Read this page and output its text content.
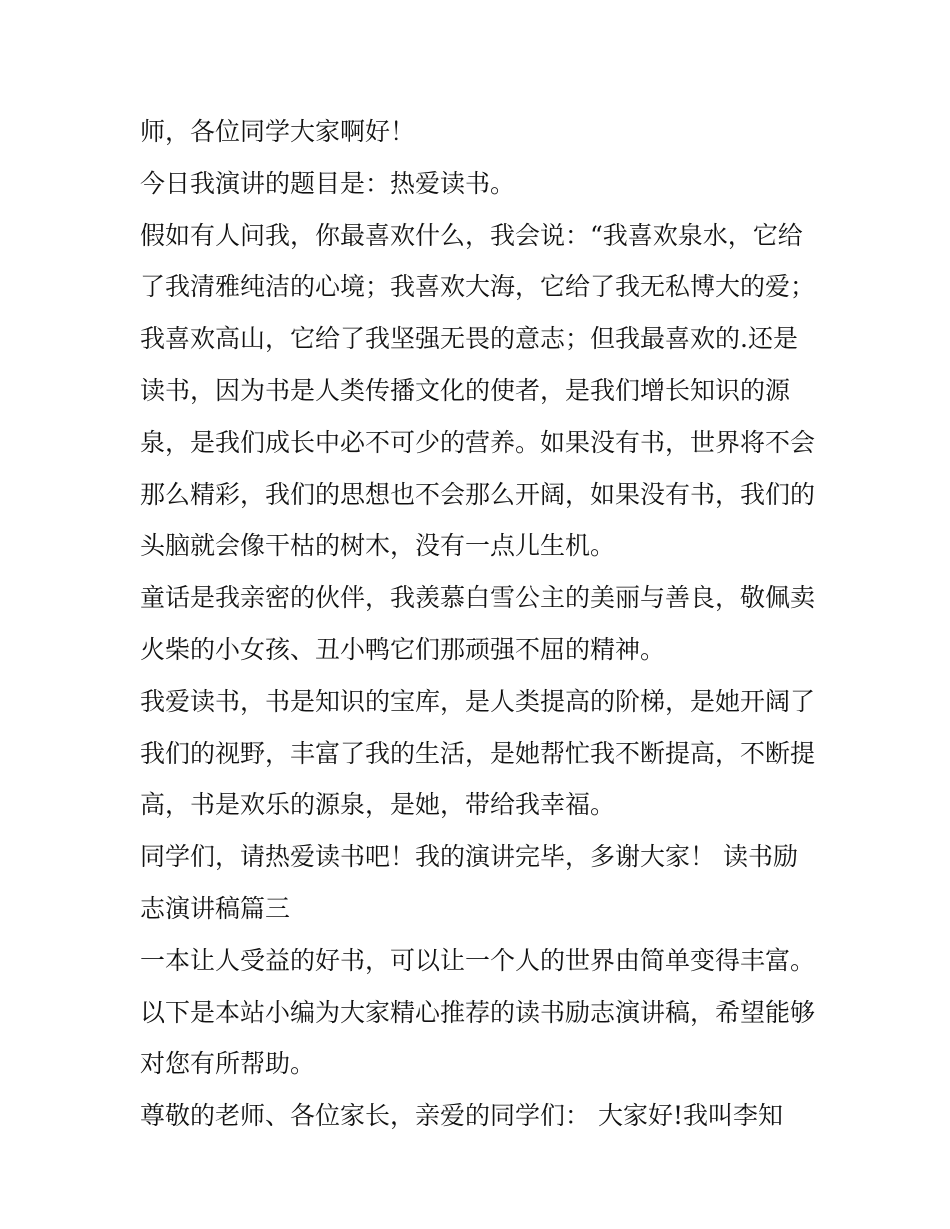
师，各位同学大家啊好！

今日我演讲的题目是：热爱读书。

假如有人问我，你最喜欢什么，我会说：“我喜欢泉水，它给

了我清雅纯洁的心境；我喜欢大海，它给了我无私博大的爱；

我喜欢高山，它给了我坚强无畏的意志；但我最喜欢的.还是

读书，因为书是人类传播文化的使者，是我们增长知识的源

泉，是我们成长中必不可少的营养。如果没有书，世界将不会

那么精彩，我们的思想也不会那么开阔，如果没有书，我们的

头脑就会像干枯的树木，没有一点儿生机。

童话是我亲密的伙伴，我羡慕白雪公主的美丽与善良，敬佩卖

火柴的小女孩、丑小鸭它们那顽强不屈的精神。

我爱读书，书是知识的宝库，是人类提高的阶梯，是她开阔了

我们的视野，丰富了我的生活，是她帮忙我不断提高，不断提

高，书是欢乐的源泉，是她，带给我幸福。

同学们，请热爱读书吧！我的演讲完毕，多谢大家！ 读书励

志演讲稿篇三

一本让人受益的好书，可以让一个人的世界由简单变得丰富。

以下是本站小编为大家精心推荐的读书励志演讲稿，希望能够

对您有所帮助。

尊敬的老师、各位家长，亲爱的同学们： 大家好!我叫李知
